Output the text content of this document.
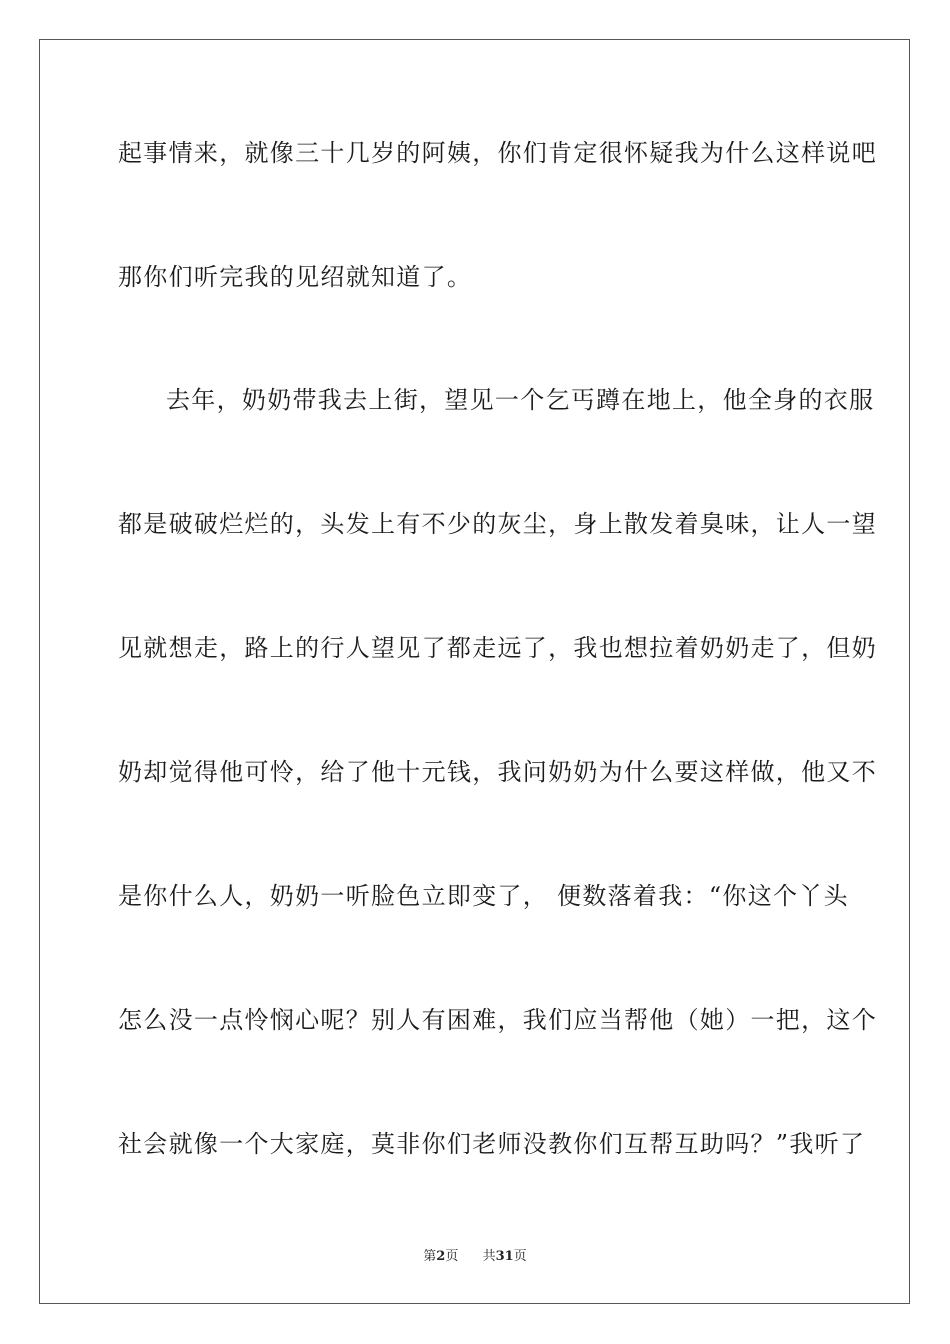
起事情来，就像三十几岁的阿姨，你们肯定很怀疑我为什么这样说吧
那你们听完我的见绍就知道了。
去年，奶奶带我去上街，望见一个乞丐蹲在地上，他全身的衣服
都是破破烂烂的，头发上有不少的灰尘，身上散发着臭味，让人一望
见就想走，路上的行人望见了都走远了，我也想拉着奶奶走了，但奶
奶却觉得他可怜，给了他十元钱，我问奶奶为什么要这样做，他又不
是你什么人，奶奶一听脸色立即变了， 便数落着我：“你这个丫头
怎么没一点怜悯心呢？别人有困难，我们应当帮他（她）一把，这个
社会就像一个大家庭，莫非你们老师没教你们互帮互助吗？”我听了
第2页 共31页
